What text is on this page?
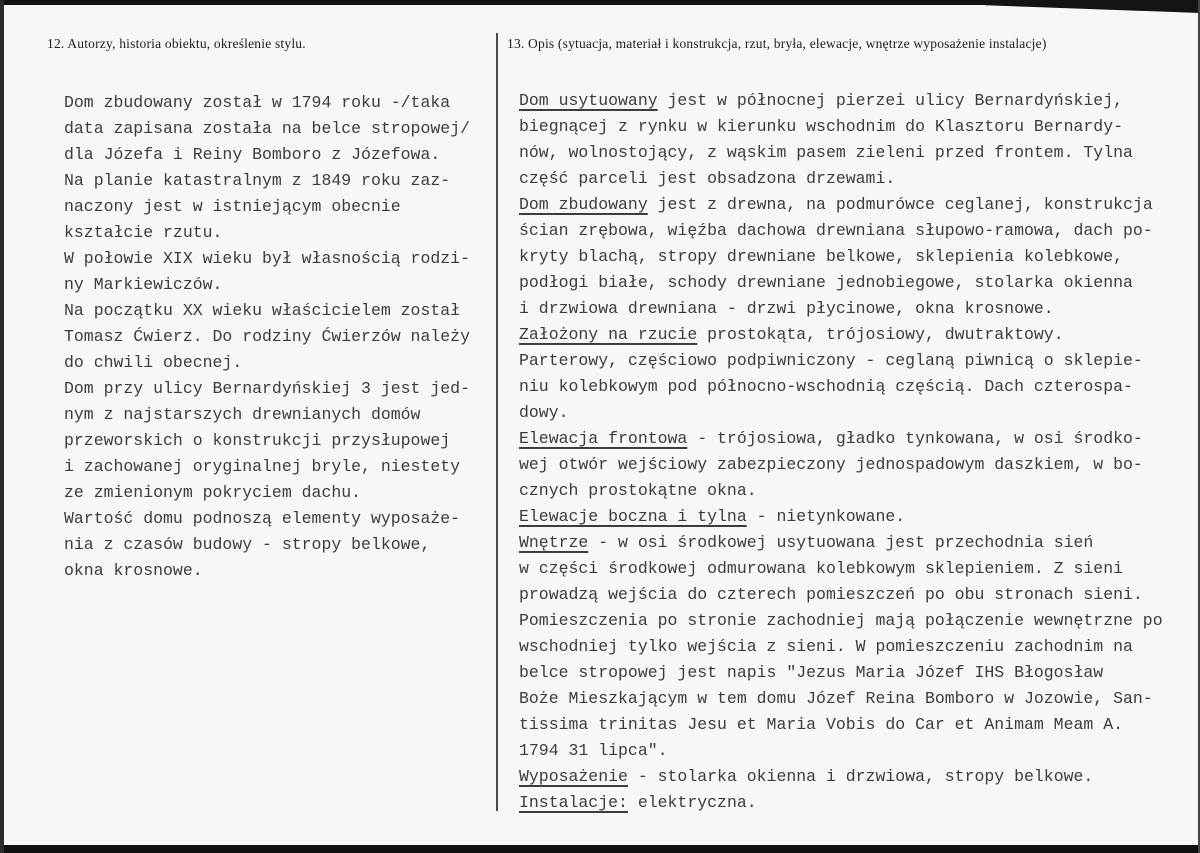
12. Autorzy, historia obiektu, określenie stylu.	13. Opis (sytuacja, materiał i konstrukcja, rzut, bryła, elewacje, wnętrze wyposażenie instalacje)
Dom zbudowany został w 1794 roku -/taka
data zapisana została na belce stropowej/
dla Józefa i Reiny Bomboro z Józefowa.
Na planie katastralnym z 1849 roku zaz-
naczony jest w istniejącym obecnie
kształcie rzutu.
W połowie XIX wieku był własnością rodzi-
ny Markiewiczów.
Na początku XX wieku właścicielem został
Tomasz Ćwierz. Do rodziny Ćwierzów należy
do chwili obecnej.
Dom przy ulicy Bernardyńskiej 3 jest jed-
nym z najstarszych drewnianych domów
przeworskich o konstrukcji przysłupowej
i zachowanej oryginalnej bryle, niestety
ze zmienionym pokryciem dachu.
Wartość domu podnoszą elementy wyposaże-
nia z czasów budowy - stropy belkowe,
okna krosnowe.
Dom usytuowany jest w północnej pierzei ulicy Bernardyńskiej,
biegnącej z rynku w kierunku wschodnim do Klasztoru Bernardy-
nów, wolnostojący, z wąskim pasem zieleni przed frontem. Tylna
część parceli jest obsadzona drzewami.
Dom zbudowany jest z drewna, na podmurówce ceglanej, konstrukcja
ścian zrębowa, więźba dachowa drewniana słupowo-ramowa, dach po-
kryty blachą, stropy drewniane belkowe, sklepienia kolebkowe,
podłogi białe, schody drewniane jednobiegowe, stolarka okienna
i drzwiowa drewniana - drzwi płycinowe, okna krosnowe.
Założony na rzucie prostokąta, trójosiowy, dwutraktowy.
Parterowy, częściowo podpiwniczony - ceglaną piwnicą o sklepie-
niu kolebkowym pod północno-wschodnią częścią. Dach czterospa-
dowy.
Elewacja frontowa - trójosiowa, gładko tynkowana, w osi środko-
wej otwór wejściowy zabezpieczony jednospadowym daszkiem, w bo-
cznych prostokątne okna.
Elewacje boczna i tylna - nietynkowane.
Wnętrze - w osi środkowej usytuowana jest przechodnia sień
w części środkowej odmurowana kolebkowym sklepieniem. Z sieni
prowadzą wejścia do czterech pomieszczeń po obu stronach sieni.
Pomieszczenia po stronie zachodniej mają połączenie wewnętrzne po
wschodniej tylko wejścia z sieni. W pomieszczeniu zachodnim na
belce stropowej jest napis "Jezus Maria Józef IHS Błogosław
Boże Mieszkającym w tem domu Józef Reina Bomboro w Jozowie, San-
tissima trinitas Jesu et Maria Vobis do Car et Animam Meam A.
1794 31 lipca".
Wyposażenie - stolarka okienna i drzwiowa, stropy belkowe.
Instalacje: elektryczna.
